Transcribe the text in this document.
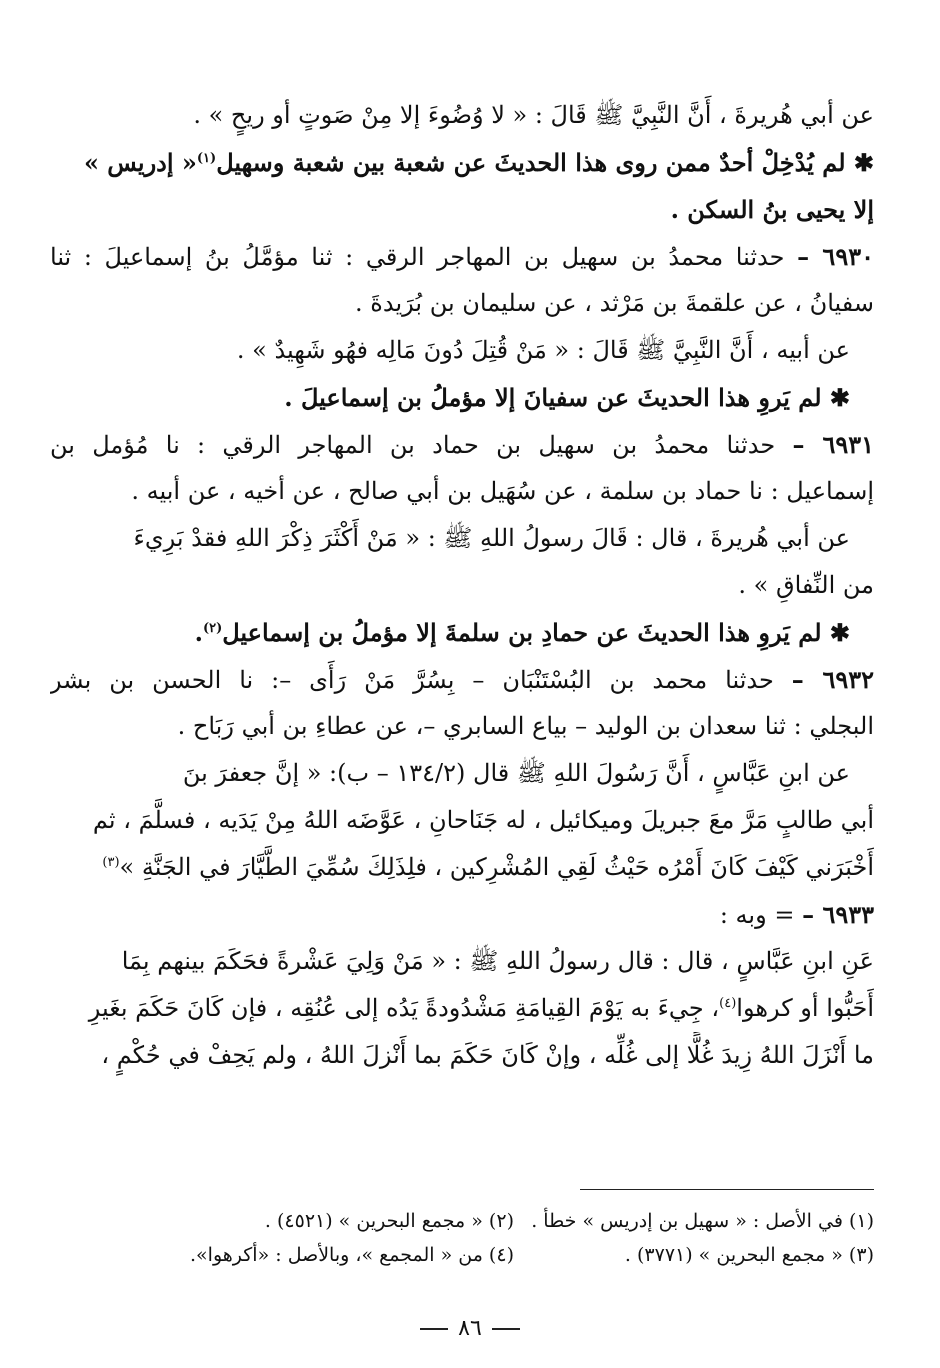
عن أبي هُريرةَ ، أَنَّ النَّبِيَّ ﷺ قَالَ : « لا وُضُوءَ إلا مِنْ صَوتٍ أو ريحٍ » .
✱ لم يُدْخِلْ أحدٌ ممن روى هذا الحديثَ عن شعبة بين شعبة وسهيل$^{(١)}$« إدريس »
إلا يحيى بنُ السكن .
٦٩٣٠ – حدثنا محمدُ بن سهيل بن المهاجر الرقي : ثنا مؤمَّلُ بنُ إسماعيلَ : ثنا
سفيانُ ، عن علقمةَ بن مَرْثد ، عن سليمان بن بُرَيدةَ .
عن أبيه ، أَنَّ النَّبِيَّ ﷺ قَالَ : « مَنْ قُتِلَ دُونَ مَالِه فهُو شَهِيدٌ » .
✱ لم يَروِ هذا الحديثَ عن سفيانَ إلا مؤملُ بن إسماعيلَ .
٦٩٣١ – حدثنا محمدُ بن سهيل بن حماد بن المهاجر الرقي : نا مُؤمل بن
إسماعيل : نا حماد بن سلمة ، عن سُهَيل بن أبي صالح ، عن أخيه ، عن أبيه .
عن أبي هُريرةَ ، قال : قَالَ رسولُ اللهِ ﷺ : « مَنْ أَكْثَرَ ذِكْرَ اللهِ فقدْ بَرِيءَ
من النِّفاقِ » .
✱ لم يَروِ هذا الحديثَ عن حمادِ بن سلمةَ إلا مؤملُ بن إسماعيل$^{(٢)}$.
٦٩٣٢ – حدثنا محمد بن البُسْتَنْبَان – بِسُرَّ مَنْ رَأَى –: نا الحسن بن بشر
البجلي : ثنا سعدان بن الوليد – بياع السابري –، عن عطاءِ بن أبي رَبَاح .
عن ابنِ عَبَّاسٍ ، أَنَّ رَسُولَ اللهِ ﷺ قال (١٣٤/٢ – ب): « إنَّ جعفرَ بنَ
أبي طالبٍ مَرَّ معَ جبريلَ وميكائيل ، له جَنَاحانِ ، عَوَّضَه اللهُ مِنْ يَدَيه ، فسلَّمَ ، ثم
أَخْبَرَني كَيْفَ كَانَ أَمْرُه حَيْثُ لَقِي المُشْرِكين ، فلِذَلِكَ سُمِّيَ الطَّيَّارَ في الجَنَّةِ »$^{(٣)}$
٦٩٣٣ – = وبه :
عَنِ ابنِ عَبَّاسٍ ، قال : قال رسولُ اللهِ ﷺ : « مَنْ وَلِيَ عَشْرةً فحَكَمَ بينهم بِمَا
أَحَبُّوا أو كرهوا$^{(٤)}$، جِيءَ به يَوْمَ القِيامَةِ مَشْدُودةً يَدُه إلى عُنُقِه ، فإن كَانَ حَكَمَ بغَيرِ
ما أَنْزَلَ اللهُ زِيدَ غُلًّا إلى غُلِّه ، وإنْ كَانَ حَكَمَ بما أَنْزلَ اللهُ ، ولم يَحِفْ في حُكْمٍ ،
(١) في الأصل : « سهيل بن إدريس » خطأ .
(٢) « مجمع البحرين » (٤٥٢١) .
(٣) « مجمع البحرين » (٣٧٧١) .
(٤) من « المجمع »، وبالأصل : «أكرهوا».
٨٦
